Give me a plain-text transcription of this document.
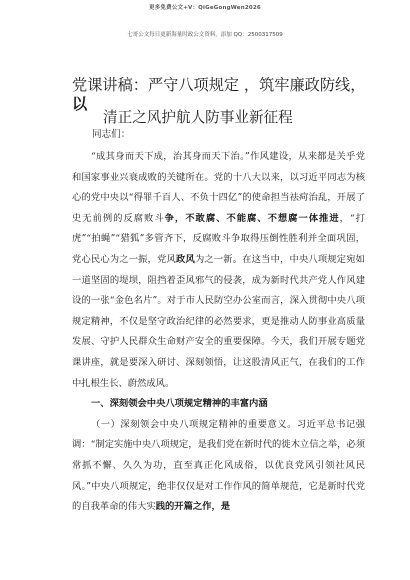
更多免费公文+V：QiGeGongWen2026
七哥公文每日更新海量时政公文资料，添加 QQ：2500317509
党课讲稿：严守八项规定 ，筑牢廉政防线，
以
清正之风护航人防事业新征程
同志们：

“成其身而天下成，治其身而天下治。”作风建设，从来都是关乎党和国家事业兴衰成败的关键所在。党的十八大以来，以习近平同志为核心的党中央以“得罪千百人、不负十四亿”的使命担当祛疴治乱，开展了史无前例的反腐败斗争，不敢腐、不能腐、不想腐一体推进，“打虎”“拍蝇”“猎狐”多管齐下，反腐败斗争取得压倒性胜利并全面巩固，党心民心为之一振，党风政风为之一新。在这当中，中央八项规定宛如一道坚固的堤坝，阻挡着歪风邪气的侵袭，成为新时代共产党人作风建设的一张“金色名片”。对于市人民防空办公室而言，深入贯彻中央八项规定精神，不仅是坚守政治纪律的必然要求，更是推动人防事业高质量发展、守护人民群众生命财产安全的重要保障。今天，我们开展专题党课讲座，就是要深入研讨、深刻领悟，让这股清风正气，在我们的工作中扎根生长、蔚然成风。

一、深刻领会中央八项规定精神的丰富内涵

（一）深刻领会中央八项规定精神的重要意义。习近平总书记强调：“制定实施中央八项规定，是我们党在新时代的徙木立信之举，必须常抓不懈、久久为功，直至真正化风成俗，以优良党风引领社风民风。”中央八项规定，绝非仅仅是对工作作风的简单规范，它是新时代党的自我革命的伟大实践的开篇之作，是
